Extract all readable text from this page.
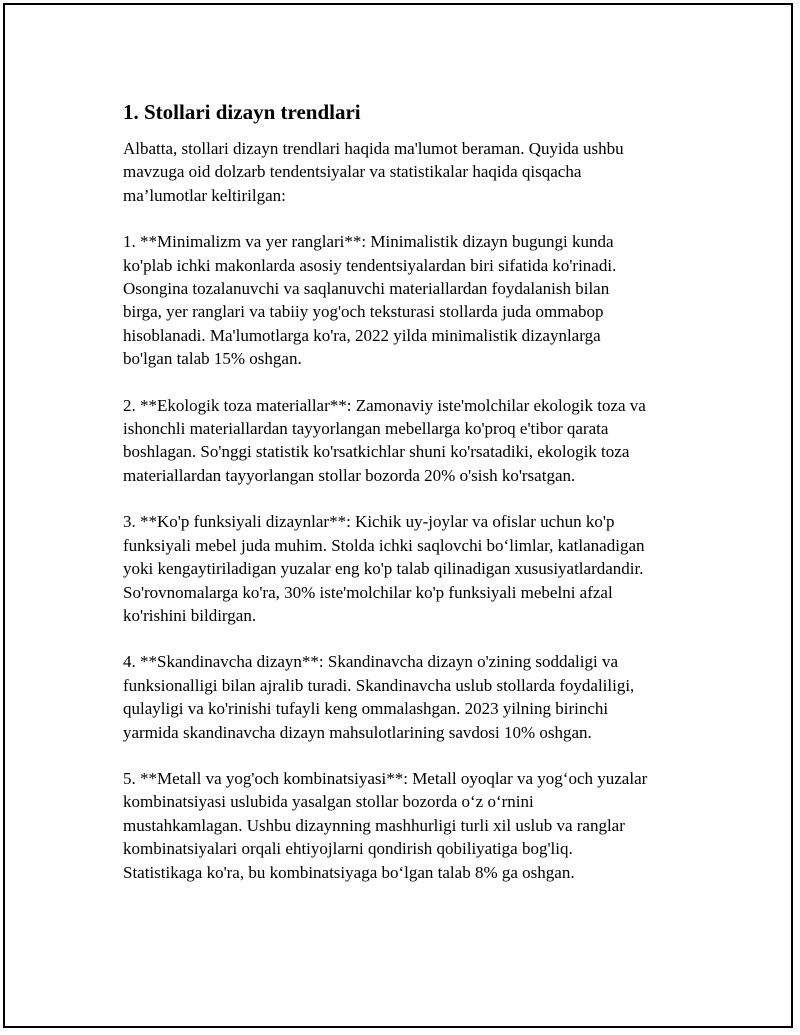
1. Stollari dizayn trendlari

Albatta, stollari dizayn trendlari haqida ma'lumot beraman. Quyida ushbu
mavzuga oid dolzarb tendentsiyalar va statistikalar haqida qisqacha
ma’lumotlar keltirilgan:

1. **Minimalizm va yer ranglari**: Minimalistik dizayn bugungi kunda
ko'plab ichki makonlarda asosiy tendentsiyalardan biri sifatida ko'rinadi.
Osongina tozalanuvchi va saqlanuvchi materiallardan foydalanish bilan
birga, yer ranglari va tabiiy yog'och teksturasi stollarda juda ommabop
hisoblanadi. Ma'lumotlarga ko'ra, 2022 yilda minimalistik dizaynlarga
bo'lgan talab 15% oshgan.

2. **Ekologik toza materiallar**: Zamonaviy iste'molchilar ekologik toza va
ishonchli materiallardan tayyorlangan mebellarga ko'proq e'tibor qarata
boshlagan. So'nggi statistik ko'rsatkichlar shuni ko'rsatadiki, ekologik toza
materiallardan tayyorlangan stollar bozorda 20% o'sish ko'rsatgan.

3. **Ko'p funksiyali dizaynlar**: Kichik uy-joylar va ofislar uchun ko'p
funksiyali mebel juda muhim. Stolda ichki saqlovchi bo‘limlar, katlanadigan
yoki kengaytiriladigan yuzalar eng ko'p talab qilinadigan xususiyatlardandir.
So'rovnomalarga ko'ra, 30% iste'molchilar ko'p funksiyali mebelni afzal
ko'rishini bildirgan.

4. **Skandinavcha dizayn**: Skandinavcha dizayn o'zining soddaligi va
funksionalligi bilan ajralib turadi. Skandinavcha uslub stollarda foydaliligi,
qulayligi va ko'rinishi tufayli keng ommalashgan. 2023 yilning birinchi
yarmida skandinavcha dizayn mahsulotlarining savdosi 10% oshgan.

5. **Metall va yog'och kombinatsiyasi**: Metall oyoqlar va yog‘och yuzalar
kombinatsiyasi uslubida yasalgan stollar bozorda o‘z o‘rnini
mustahkamlagan. Ushbu dizaynning mashhurligi turli xil uslub va ranglar
kombinatsiyalari orqali ehtiyojlarni qondirish qobiliyatiga bog'liq.
Statistikaga ko'ra, bu kombinatsiyaga bo‘lgan talab 8% ga oshgan.
